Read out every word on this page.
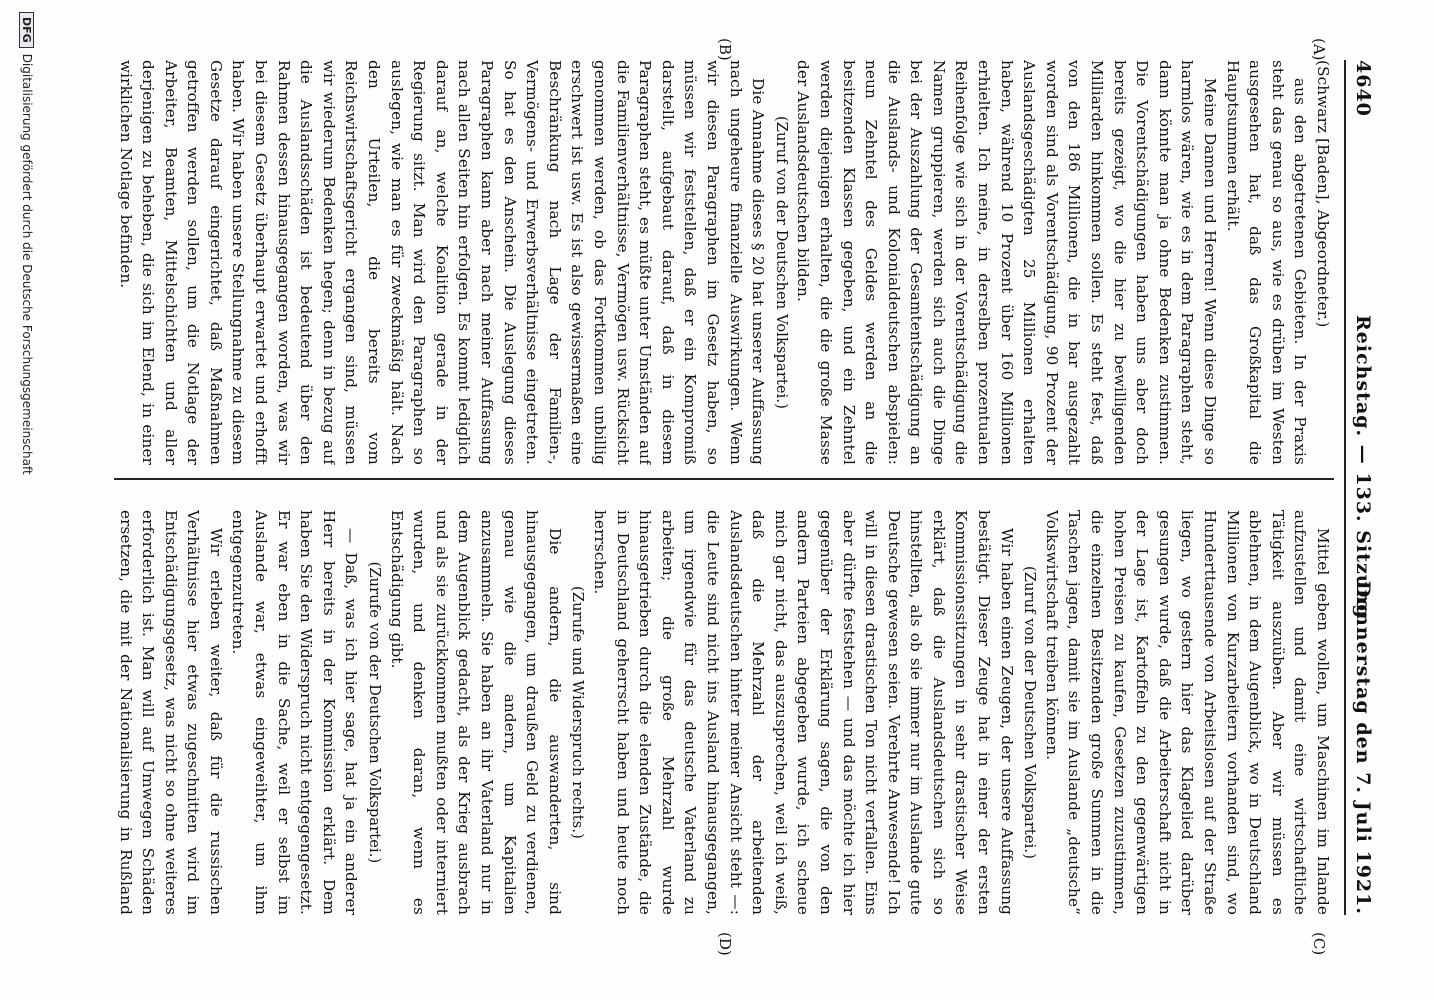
4640
Reichstag. — 133. Sitzung.
Donnerstag den 7. Juli 1921.
(A)
(B)
(C)
(D)

(Schwarz [Baden], Abgeordneter.)

aus den abgetretenen Gebieten. In der Praxis steht das genau so aus, wie es drüben im Westen ausgesehen hat, daß das Großkapital die Hauptsummen erhält.

Meine Damen und Herren! Wenn diese Dinge so harmlos wären, wie es in dem Paragraphen steht, dann könnte man ja ohne Bedenken zustimmen. Die Vorentschädigungen haben uns aber doch bereits gezeigt, wo die hier zu bewilligenden Milliarden hinkommen sollen. Es steht fest, daß von den 186 Millionen, die in bar ausgezahlt worden sind als Vorentschädigung, 90 Prozent der Auslandsgeschädigten 25 Millionen erhalten haben, während 10 Prozent über 160 Millionen erhielten. Ich meine, in derselben prozentualen Reihenfolge wie sich in der Vorentschädigung die Namen gruppieren, werden sich auch die Dinge bei der Auszahlung der Gesamtentschädigung an die Auslands- und Kolonialdeutschen abspielen: neun Zehntel des Geldes werden an die besitzenden Klassen gegeben, und ein Zehntel werden diejenigen erhalten, die die große Masse der Auslandsdeutschen bilden.

(Zuruf von der Deutschen Volkspartei.)

Die Annahme dieses § 20 hat unserer Auffassung nach ungeheure finanzielle Auswirkungen. Wenn wir diesen Paragraphen im Gesetz haben, so müssen wir feststellen, daß er ein Kompromiß darstellt, aufgebaut darauf, daß in diesem Paragraphen steht, es müßte unter Umständen auf die Familienverhältnisse, Vermögen usw. Rücksicht genommen werden, ob das Fortkommen unbillig erschwert ist usw. Es ist also gewissermaßen eine Beschränkung nach Lage der Familien-, Vermögens- und Erwerbsverhältnisse eingetreten. So hat es den Anschein. Die Auslegung dieses Paragraphen kann aber nach meiner Auffassung nach allen Seiten hin erfolgen. Es kommt lediglich darauf an, welche Koalition gerade in der Regierung sitzt. Man wird den Paragraphen so auslegen, wie man es für zweckmäßig hält. Nach den Urteilen, die bereits vom Reichswirtschaftsgericht ergangen sind, müssen wir wiederum Bedenken hegen; denn in bezug auf die Auslandsschäden ist bedeutend über den Rahmen dessen hinausgegangen worden, was wir bei diesem Gesetz überhaupt erwartet und erhofft haben. Wir haben unsere Stellungnahme zu diesem Gesetze darauf eingerichtet, daß Maßnahmen getroffen werden sollen, um die Notlage der Arbeiter, Beamten, Mittelschichten und aller derjenigen zu beheben, die sich im Elend, in einer wirklichen Notlage befinden.

Mittel geben wollen, um Maschinen im Inlande aufzustellen und damit eine wirtschaftliche Tätigkeit auszuüben. Aber wir müssen es ablehnen, in dem Augenblick, wo in Deutschland Millionen von Kurzarbeitern vorhanden sind, wo Hunderttausende von Arbeitslosen auf der Straße liegen, wo gestern hier das Klagelied darüber gesungen wurde, daß die Arbeiterschaft nicht in der Lage ist, Kartoffeln zu den gegenwärtigen hohen Preisen zu kaufen, Gesetzen zuzustimmen, die einzelnen Besitzenden große Summen in die Taschen jagen, damit sie im Auslande „deutsche“ Volkswirtschaft treiben können.

(Zuruf von der Deutschen Volkspartei.)

Wir haben einen Zeugen, der unsere Auffassung bestätigt. Dieser Zeuge hat in einer der ersten Kommissionssitzungen in sehr drastischer Weise erklärt, daß die Auslandsdeutschen sich so hinstellten, als ob sie immer nur im Auslande gute Deutsche gewesen seien. Verehrte Anwesende! Ich will in diesen drastischen Ton nicht verfallen. Eins aber dürfte feststehen — und das möchte ich hier gegenüber der Erklärung sagen, die von den andern Parteien abgegeben wurde, ich scheue mich gar nicht, das auszusprechen, weil ich weiß, daß die Mehrzahl der arbeitenden Auslandsdeutschen hinter meiner Ansicht steht —: die Leute sind nicht ins Ausland hinausgegangen, um irgendwie für das deutsche Vaterland zu arbeiten; die große Mehrzahl wurde hinausgetrieben durch die elenden Zustände, die in Deutschland geherrscht haben und heute noch herrschen.

(Zurufe und Widerspruch rechts.)

Die andern, die auswanderten, sind hinausgegangen, um draußen Geld zu verdienen, genau wie die andern, um Kapitalien anzusammeln. Sie haben an ihr Vaterland nur in dem Augenblick gedacht, als der Krieg ausbrach und als sie zurückkommen mußten oder interniert wurden, und denken daran, wenn es Entschädigung gibt.

(Zurufe von der Deutschen Volkspartei.)

— Daß, was ich hier sage, hat ja ein anderer Herr bereits in der Kommission erklärt. Dem haben Sie den Widerspruch nicht entgegengesetzt. Er war eben in die Sache, weil er selbst im Auslande war, etwas eingeweihter, um ihm entgegenzutreten.

Wir erleben weiter, daß für die russischen Verhältnisse hier etwas zugeschnitten wird im Entschädigungsgesetz, was nicht so ohne weiteres erforderlich ist. Man will auf Umwegen Schäden ersetzen, die mit der Nationalisierung in Rußland

DFGDigitalisierung gefördert durch die Deutsche Forschungsgemeinschaft
